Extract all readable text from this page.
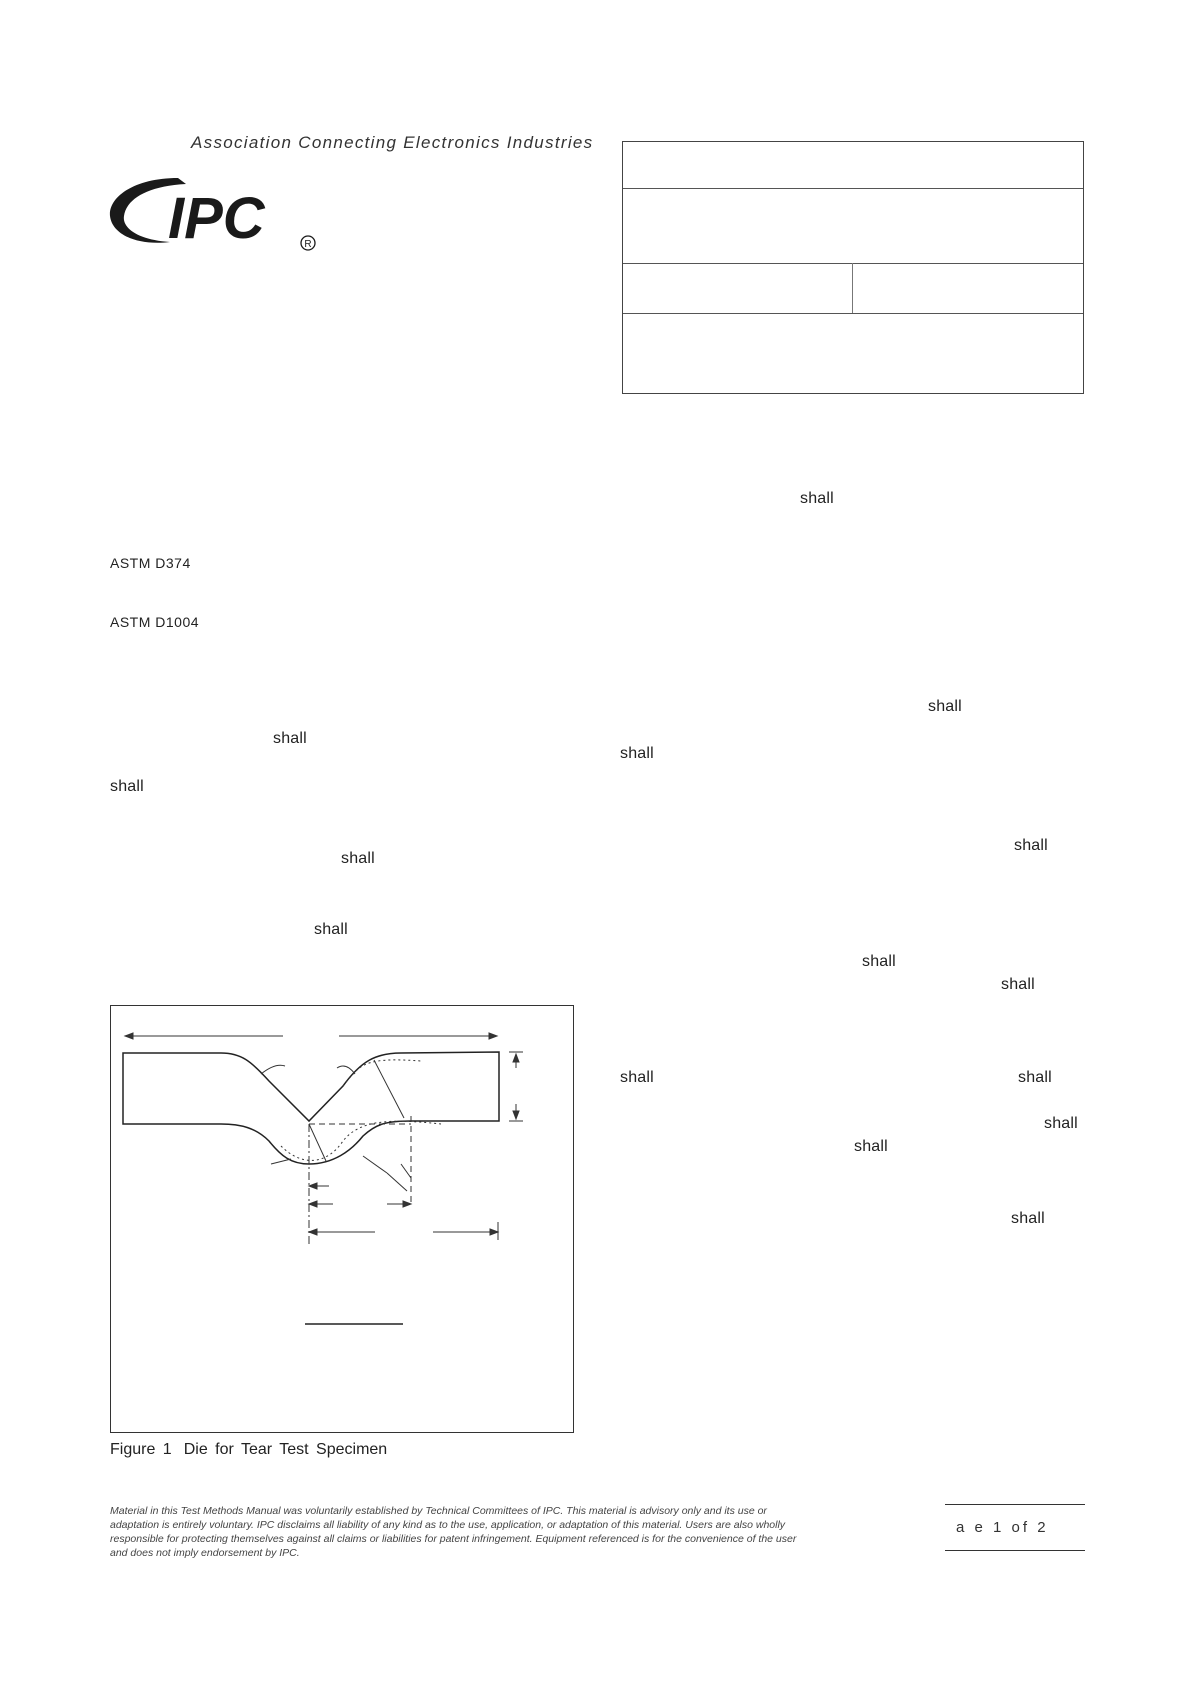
Association Connecting Electronics Industries
IPC	R
ASTM D374
ASTM D1004
shall
shall
shall
shall
shall
shall
shall
shall
shall
shall
shall	shall
shall
shall
shall
Figure 1 Die for Tear Test Specimen
Material in this Test Methods Manual was voluntarily established by Technical Committees of IPC. This material is advisory only and its use or adaptation is entirely voluntary. IPC disclaims all liability of any kind as to the use, application, or adaptation of this material. Users are also wholly responsible for protecting themselves against all claims or liabilities for patent infringement. Equipment referenced is for the convenience of the user and does not imply endorsement by IPC.
a e 1 of 2
